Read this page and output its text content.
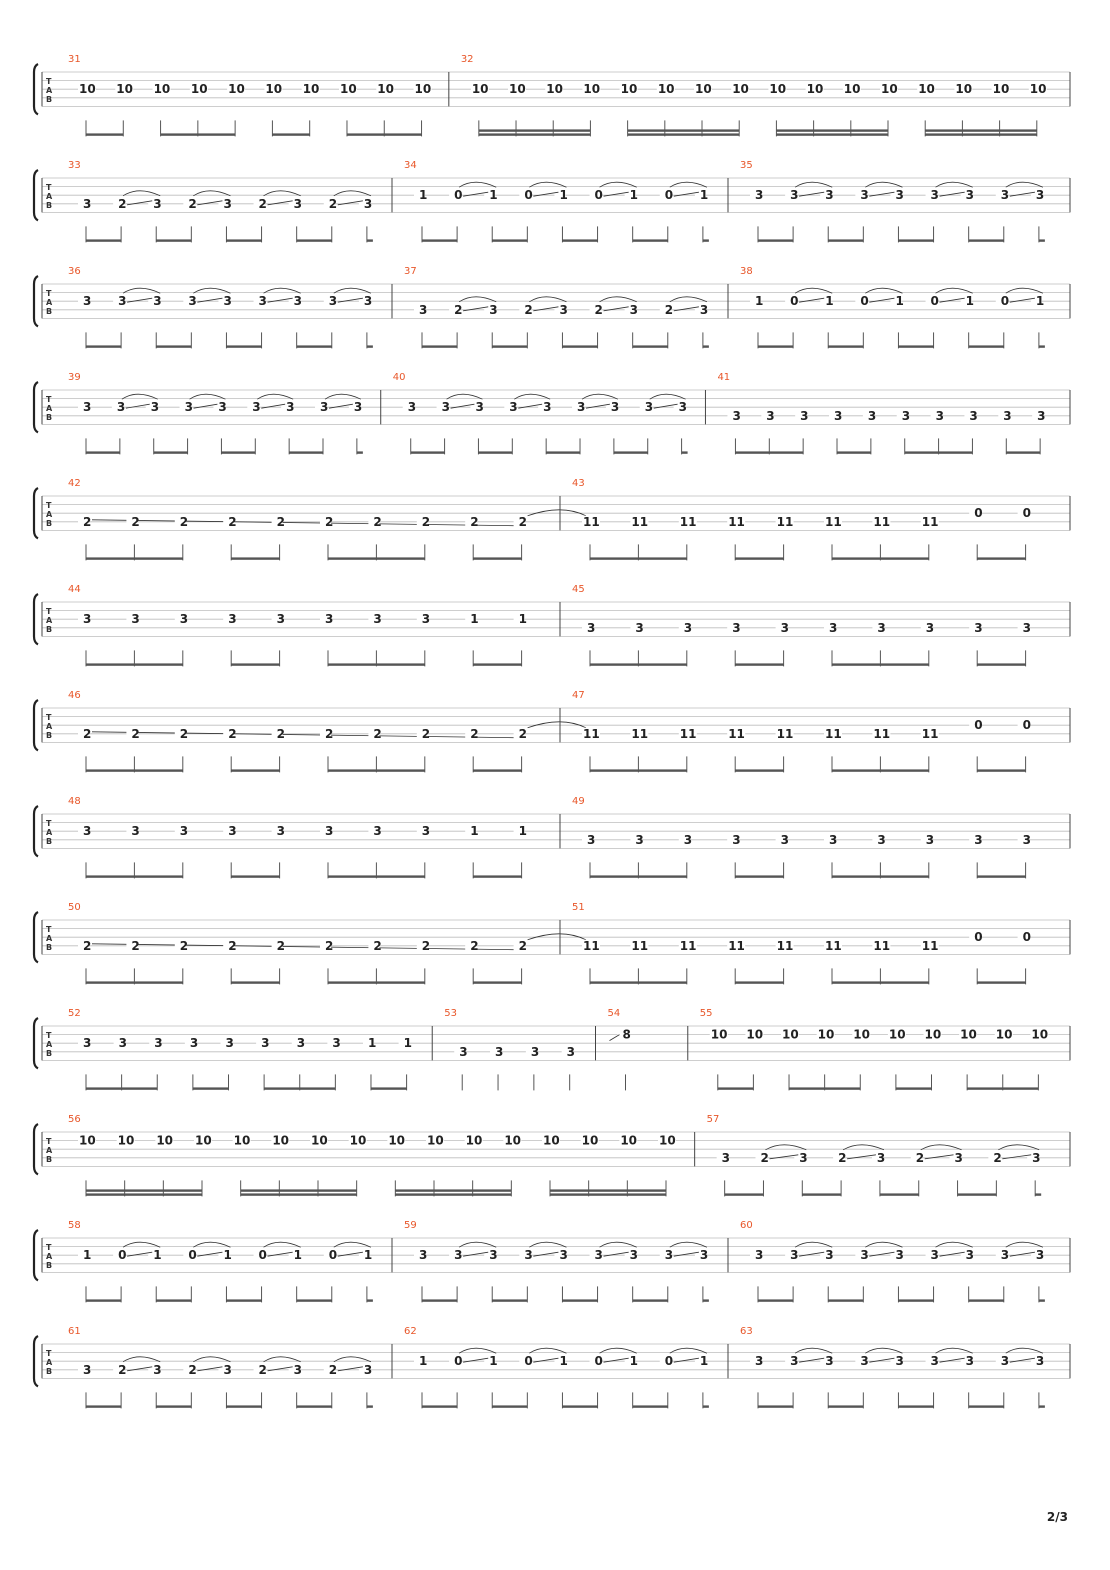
T
A
B
31
10 10 10 10 10 10 10 10 10 10
32
10 10 10 10 10 10 10 10 10 10 10 10 10 10 10 10
T
A
B
33
3 2 3 2 3 2 3 2 3
34
1 0 1 0 1 0 1 0 1
35
3 3 3 3 3 3 3 3 3
T
A
B
36
3 3 3 3 3 3 3 3 3
37
3 2 3 2 3 2 3 2 3
38
1 0 1 0 1 0 1 0 1
T
A
B
39
3 3 3 3 3 3 3 3 3
40
3 3 3 3 3 3 3 3 3
41
3 3 3 3 3 3 3 3 3 3
T
A
B
42
2	2	2	2	2	2	2	2	2	2
43
11	11	11	11	11	11	11	11
0	0
T
A
B
44
3	3	3	3	3	3	3	3	1	1
45
3	3	3	3	3	3	3	3	3	3
T
A
B
46
2	2	2	2	2	2	2	2	2	2
47
11	11	11	11	11	11	11	11
0	0
T
A
B
48
3	3	3	3	3	3	3	3	1	1
49
3	3	3	3	3	3	3	3	3	3
T
A
B
50
2	2	2	2	2	2	2	2	2	2
51
11	11	11	11	11	11	11	11
0	0
T
A
B
52
3 3 3 3 3 3 3 3 1 1
53
3 3 3 3
54
8
55
10 10 10 10 10 10 10 10 10 10
T
A
B
56
10 10 10 10 10 10 10 10 10 10 10 10 10 10 10 10
57
3	2	3	2	3	2	3	2	3
T
A
B
58
1 0 1 0 1 0 1 0 1
59
3 3 3 3 3 3 3 3 3
60
3 3 3 3 3 3 3 3 3
T
A
B
61
3 2 3 2 3 2 3 2 3
62
1 0 1 0 1 0 1 0 1
63
3 3 3 3 3 3 3 3 3
2/3
